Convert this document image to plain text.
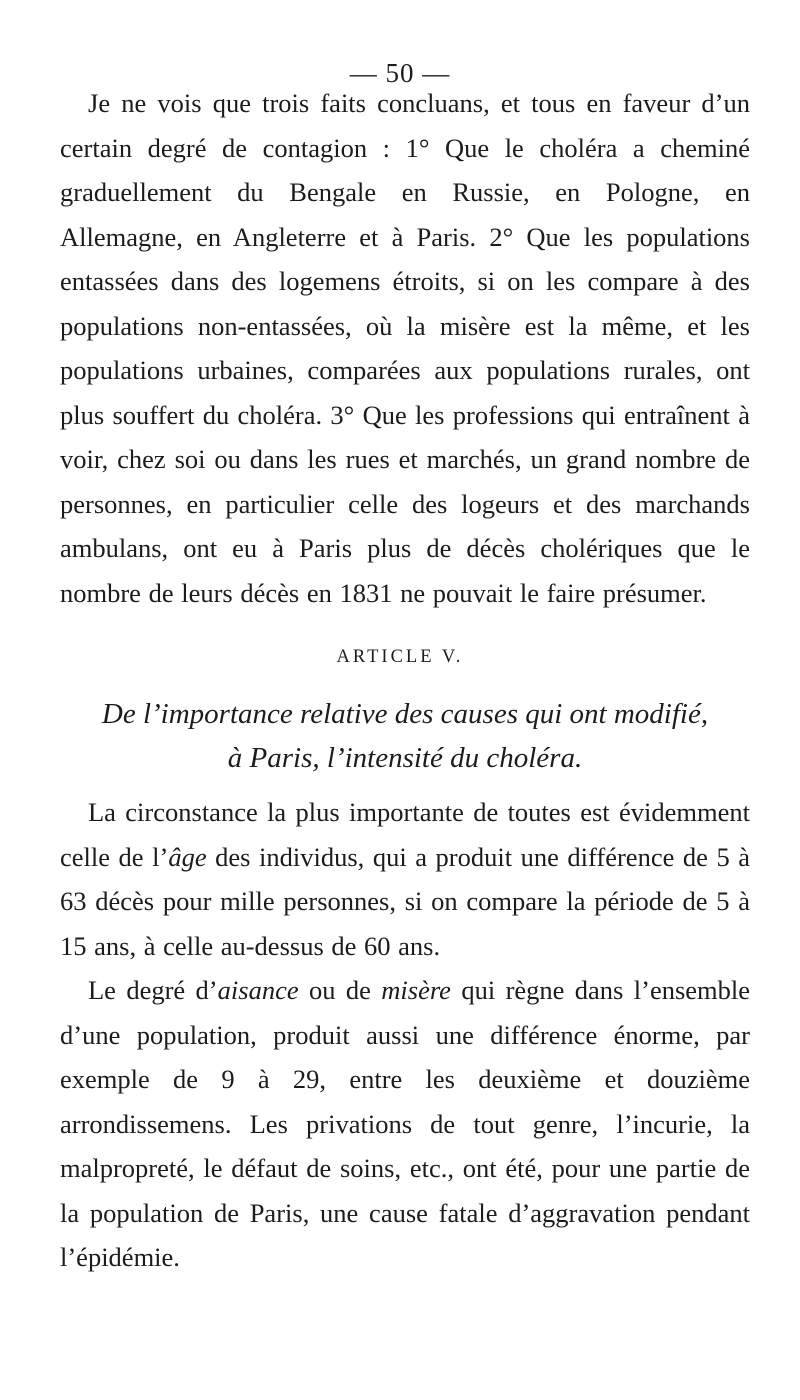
— 50 —

Je ne vois que trois faits concluans, et tous en faveur d’un certain degré de contagion : 1° Que le choléra a cheminé graduellement du Bengale en Russie, en Pologne, en Allemagne, en Angleterre et à Paris. 2° Que les populations entassées dans des logemens étroits, si on les compare à des populations non-entassées, où la misère est la même, et les populations urbaines, comparées aux populations rurales, ont plus souffert du choléra. 3° Que les professions qui entraînent à voir, chez soi ou dans les rues et marchés, un grand nombre de personnes, en particulier celle des logeurs et des marchands ambulans, ont eu à Paris plus de décès cholériques que le nombre de leurs décès en 1831 ne pouvait le faire présumer.

ARTICLE V.
De l’importance relative des causes qui ont modifié,
à Paris, l’intensité du choléra.

La circonstance la plus importante de toutes est évidemment celle de l’âge des individus, qui a produit une différence de 5 à 63 décès pour mille personnes, si on compare la période de 5 à 15 ans, à celle au-dessus de 60 ans.

Le degré d’aisance ou de misère qui règne dans l’ensemble d’une population, produit aussi une différence énorme, par exemple de 9 à 29, entre les deuxième et douzième arrondissemens. Les privations de tout genre, l’incurie, la malpropreté, le défaut de soins, etc., ont été, pour une partie de la population de Paris, une cause fatale d’aggravation pendant l’épidémie.
